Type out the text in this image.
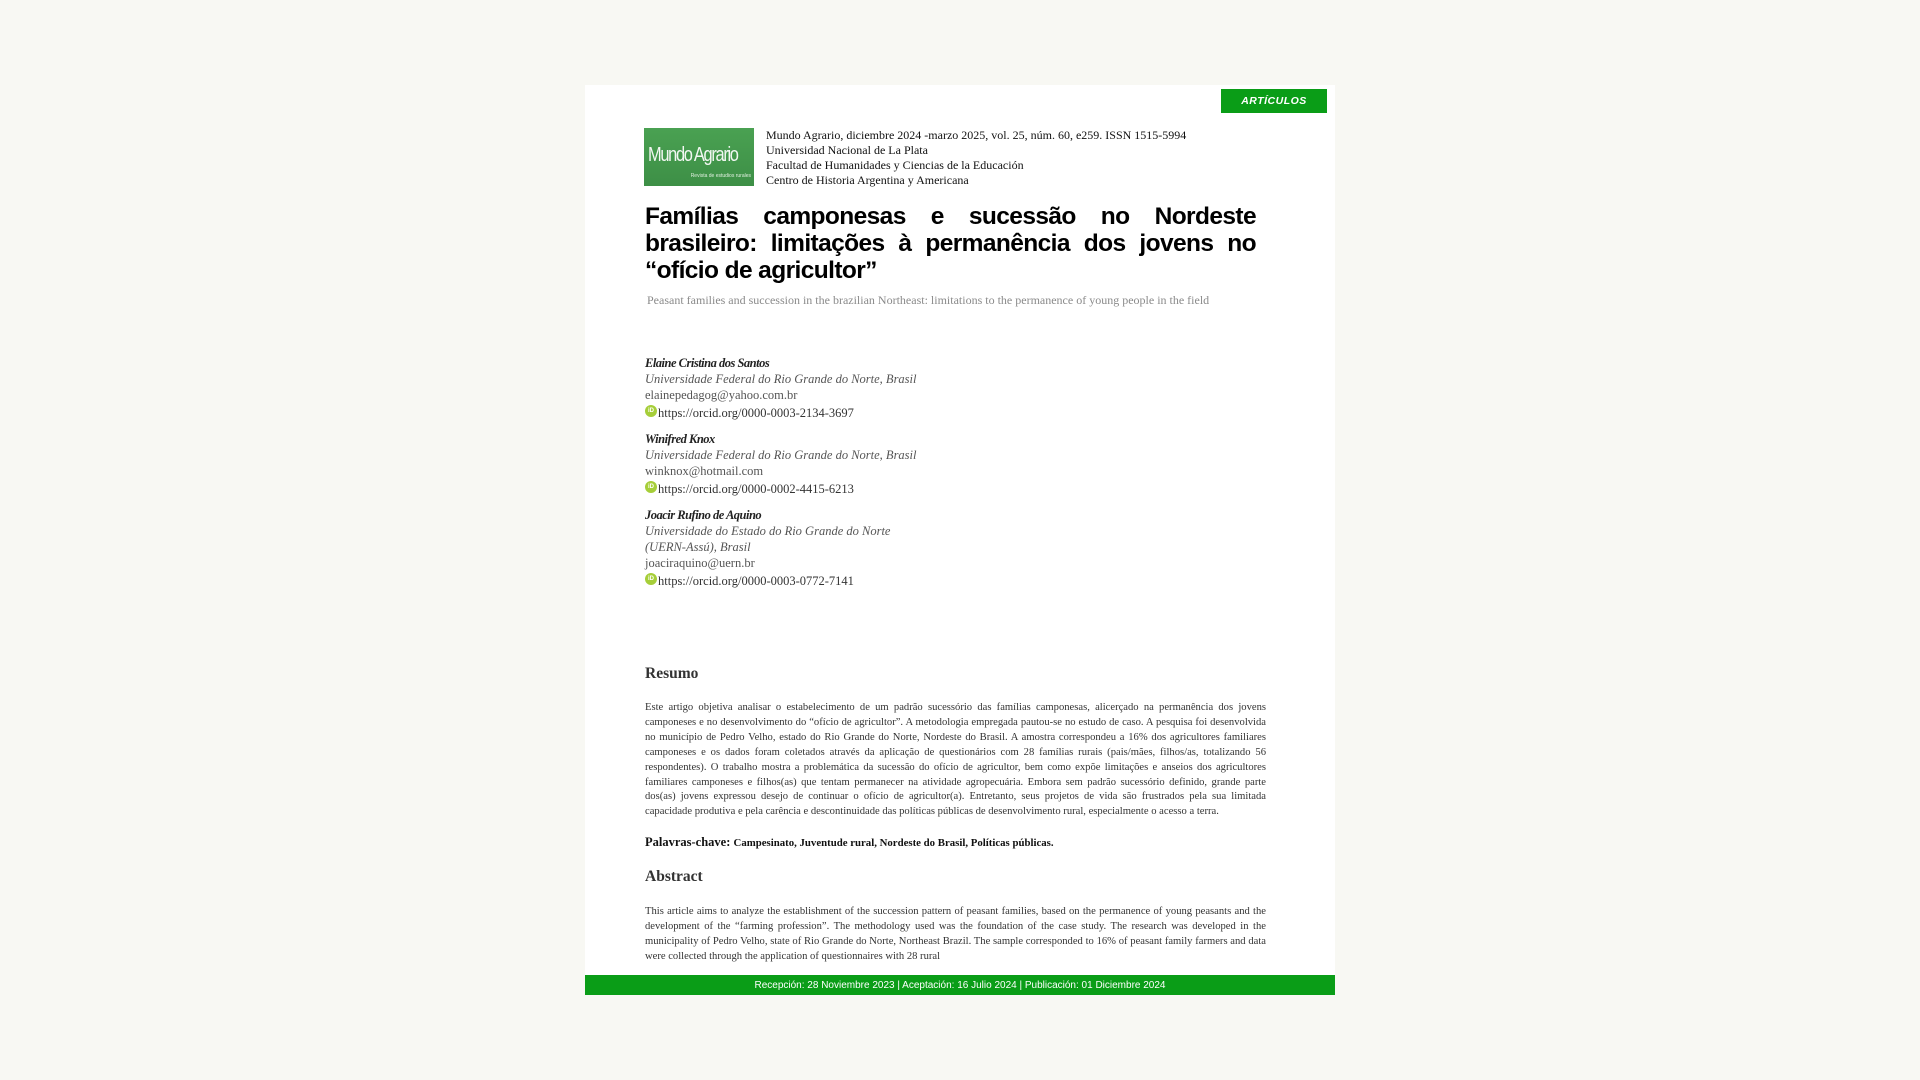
ARTÍCULOS
Mundo Agrario
Revista de estudios rurales
Mundo Agrario, diciembre 2024 -marzo 2025, vol. 25, núm. 60, e259. ISSN 1515-5994
Universidad Nacional de La Plata
Facultad de Humanidades y Ciencias de la Educación
Centro de Historia Argentina y Americana
Famílias camponesas e sucessão no Nordeste brasileiro: limitações à permanência dos jovens no “ofício de agricultor”
Peasant families and succession in the brazilian Northeast: limitations to the permanence of young people in the field
Elaine Cristina dos Santos
Universidade Federal do Rio Grande do Norte, Brasil
elainepedagog@yahoo.com.br
iD https://orcid.org/0000-0003-2134-3697
Winifred Knox
Universidade Federal do Rio Grande do Norte, Brasil
winknox@hotmail.com
iD https://orcid.org/0000-0002-4415-6213
Joacir Rufino de Aquino
Universidade do Estado do Rio Grande do Norte (UERN-Assú), Brasil
joaciraquino@uern.br
iD https://orcid.org/0000-0003-0772-7141
Resumo

Este artigo objetiva analisar o estabelecimento de um padrão sucessório das famílias camponesas, alicerçado na permanência dos jovens camponeses e no desenvolvimento do “ofício de agricultor”. A metodologia empregada pautou-se no estudo de caso. A pesquisa foi desenvolvida no município de Pedro Velho, estado do Rio Grande do Norte, Nordeste do Brasil. A amostra correspondeu a 16% dos agricultores familiares camponeses e os dados foram coletados através da aplicação de questionários com 28 famílias rurais (pais/mães, filhos/as, totalizando 56 respondentes). O trabalho mostra a problemática da sucessão do ofício de agricultor, bem como expõe limitações e anseios dos agricultores familiares camponeses e filhos(as) que tentam permanecer na atividade agropecuária. Embora sem padrão sucessório definido, grande parte dos(as) jovens expressou desejo de continuar o ofício de agricultor(a). Entretanto, seus projetos de vida são frustrados pela sua limitada capacidade produtiva e pela carência e descontinuidade das políticas públicas de desenvolvimento rural, especialmente o acesso a terra.

Palavras-chave: Campesinato, Juventude rural, Nordeste do Brasil, Políticas públicas.
Abstract

This article aims to analyze the establishment of the succession pattern of peasant families, based on the permanence of young peasants and the development of the “farming profession”. The methodology used was the foundation of the case study. The research was developed in the municipality of Pedro Velho, state of Rio Grande do Norte, Northeast Brazil. The sample corresponded to 16% of peasant family farmers and data were collected through the application of questionnaires with 28 rural

Recepción: 28 Noviembre 2023 | Aceptación: 16 Julio 2024 | Publicación: 01 Diciembre 2024
